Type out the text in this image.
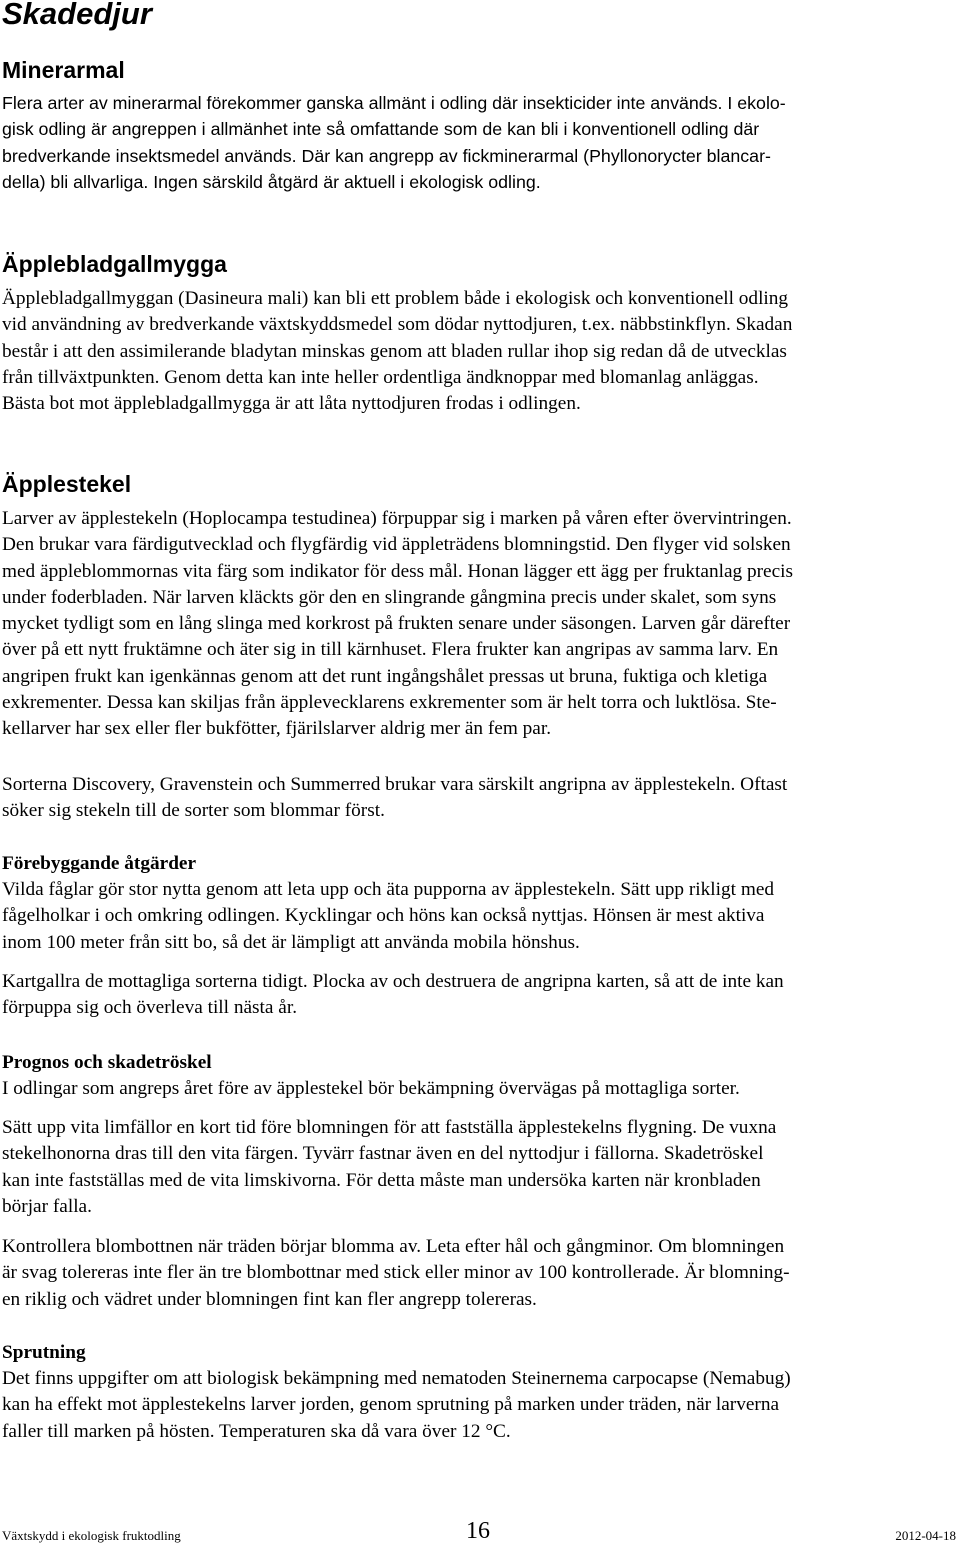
Skadedjur
Minerarmal

Flera arter av minerarmal förekommer ganska allmänt i odling där insekticider inte används. I ekolo-
gisk odling är angreppen i allmänhet inte så omfattande som de kan bli i konventionell odling där
bredverkande insektsmedel används. Där kan angrepp av fickminerarmal (Phyllonorycter blancar-
della) bli allvarliga. Ingen särskild åtgärd är aktuell i ekologisk odling.

Äpplebladgallmygga

Äpplebladgallmyggan (Dasineura mali) kan bli ett problem både i ekologisk och konventionell odling
vid användning av bredverkande växtskyddsmedel som dödar nyttodjuren, t.ex. näbbstinkflyn. Skadan
består i att den assimilerande bladytan minskas genom att bladen rullar ihop sig redan då de utvecklas
från tillväxtpunkten. Genom detta kan inte heller ordentliga ändknoppar med blomanlag anläggas.
Bästa bot mot äpplebladgallmygga är att låta nyttodjuren frodas i odlingen.

Äpplestekel

Larver av äpplestekeln (Hoplocampa testudinea) förpuppar sig i marken på våren efter övervintringen.
Den brukar vara färdigutvecklad och flygfärdig vid äppleträdens blomningstid. Den flyger vid solsken
med äppleblommornas vita färg som indikator för dess mål. Honan lägger ett ägg per fruktanlag precis
under foderbladen. När larven kläckts gör den en slingrande gångmina precis under skalet, som syns
mycket tydligt som en lång slinga med korkrost på frukten senare under säsongen. Larven går därefter
över på ett nytt fruktämne och äter sig in till kärnhuset. Flera frukter kan angripas av samma larv. En
angripen frukt kan igenkännas genom att det runt ingångshålet pressas ut bruna, fuktiga och kletiga
exkrementer. Dessa kan skiljas från äpplevecklarens exkrementer som är helt torra och luktlösa. Ste-
kellarver har sex eller fler bukfötter, fjärilslarver aldrig mer än fem par.

Sorterna Discovery, Gravenstein och Summerred brukar vara särskilt angripna av äpplestekeln. Oftast
söker sig stekeln till de sorter som blommar först.

Förebyggande åtgärder

Vilda fåglar gör stor nytta genom att leta upp och äta pupporna av äpplestekeln. Sätt upp rikligt med
fågelholkar i och omkring odlingen. Kycklingar och höns kan också nyttjas. Hönsen är mest aktiva
inom 100 meter från sitt bo, så det är lämpligt att använda mobila hönshus.

Kartgallra de mottagliga sorterna tidigt. Plocka av och destruera de angripna karten, så att de inte kan
förpuppa sig och överleva till nästa år.

Prognos och skadetröskel

I odlingar som angreps året före av äpplestekel bör bekämpning övervägas på mottagliga sorter.

Sätt upp vita limfällor en kort tid före blomningen för att fastställa äpplestekelns flygning. De vuxna
stekelhonorna dras till den vita färgen. Tyvärr fastnar även en del nyttodjur i fällorna. Skadetröskel
kan inte fastställas med de vita limskivorna. För detta måste man undersöka karten när kronbladen
börjar falla.

Kontrollera blombottnen när träden börjar blomma av. Leta efter hål och gångminor. Om blomningen
är svag tolereras inte fler än tre blombottnar med stick eller minor av 100 kontrollerade. Är blomning-
en riklig och vädret under blomningen fint kan fler angrepp tolereras.

Sprutning

Det finns uppgifter om att biologisk bekämpning med nematoden Steinernema carpocapse (Nemabug)
kan ha effekt mot äpplestekelns larver jorden, genom sprutning på marken under träden, när larverna
faller till marken på hösten. Temperaturen ska då vara över 12 °C.

Växtskydd i ekologisk fruktodling	16	2012-04-18
